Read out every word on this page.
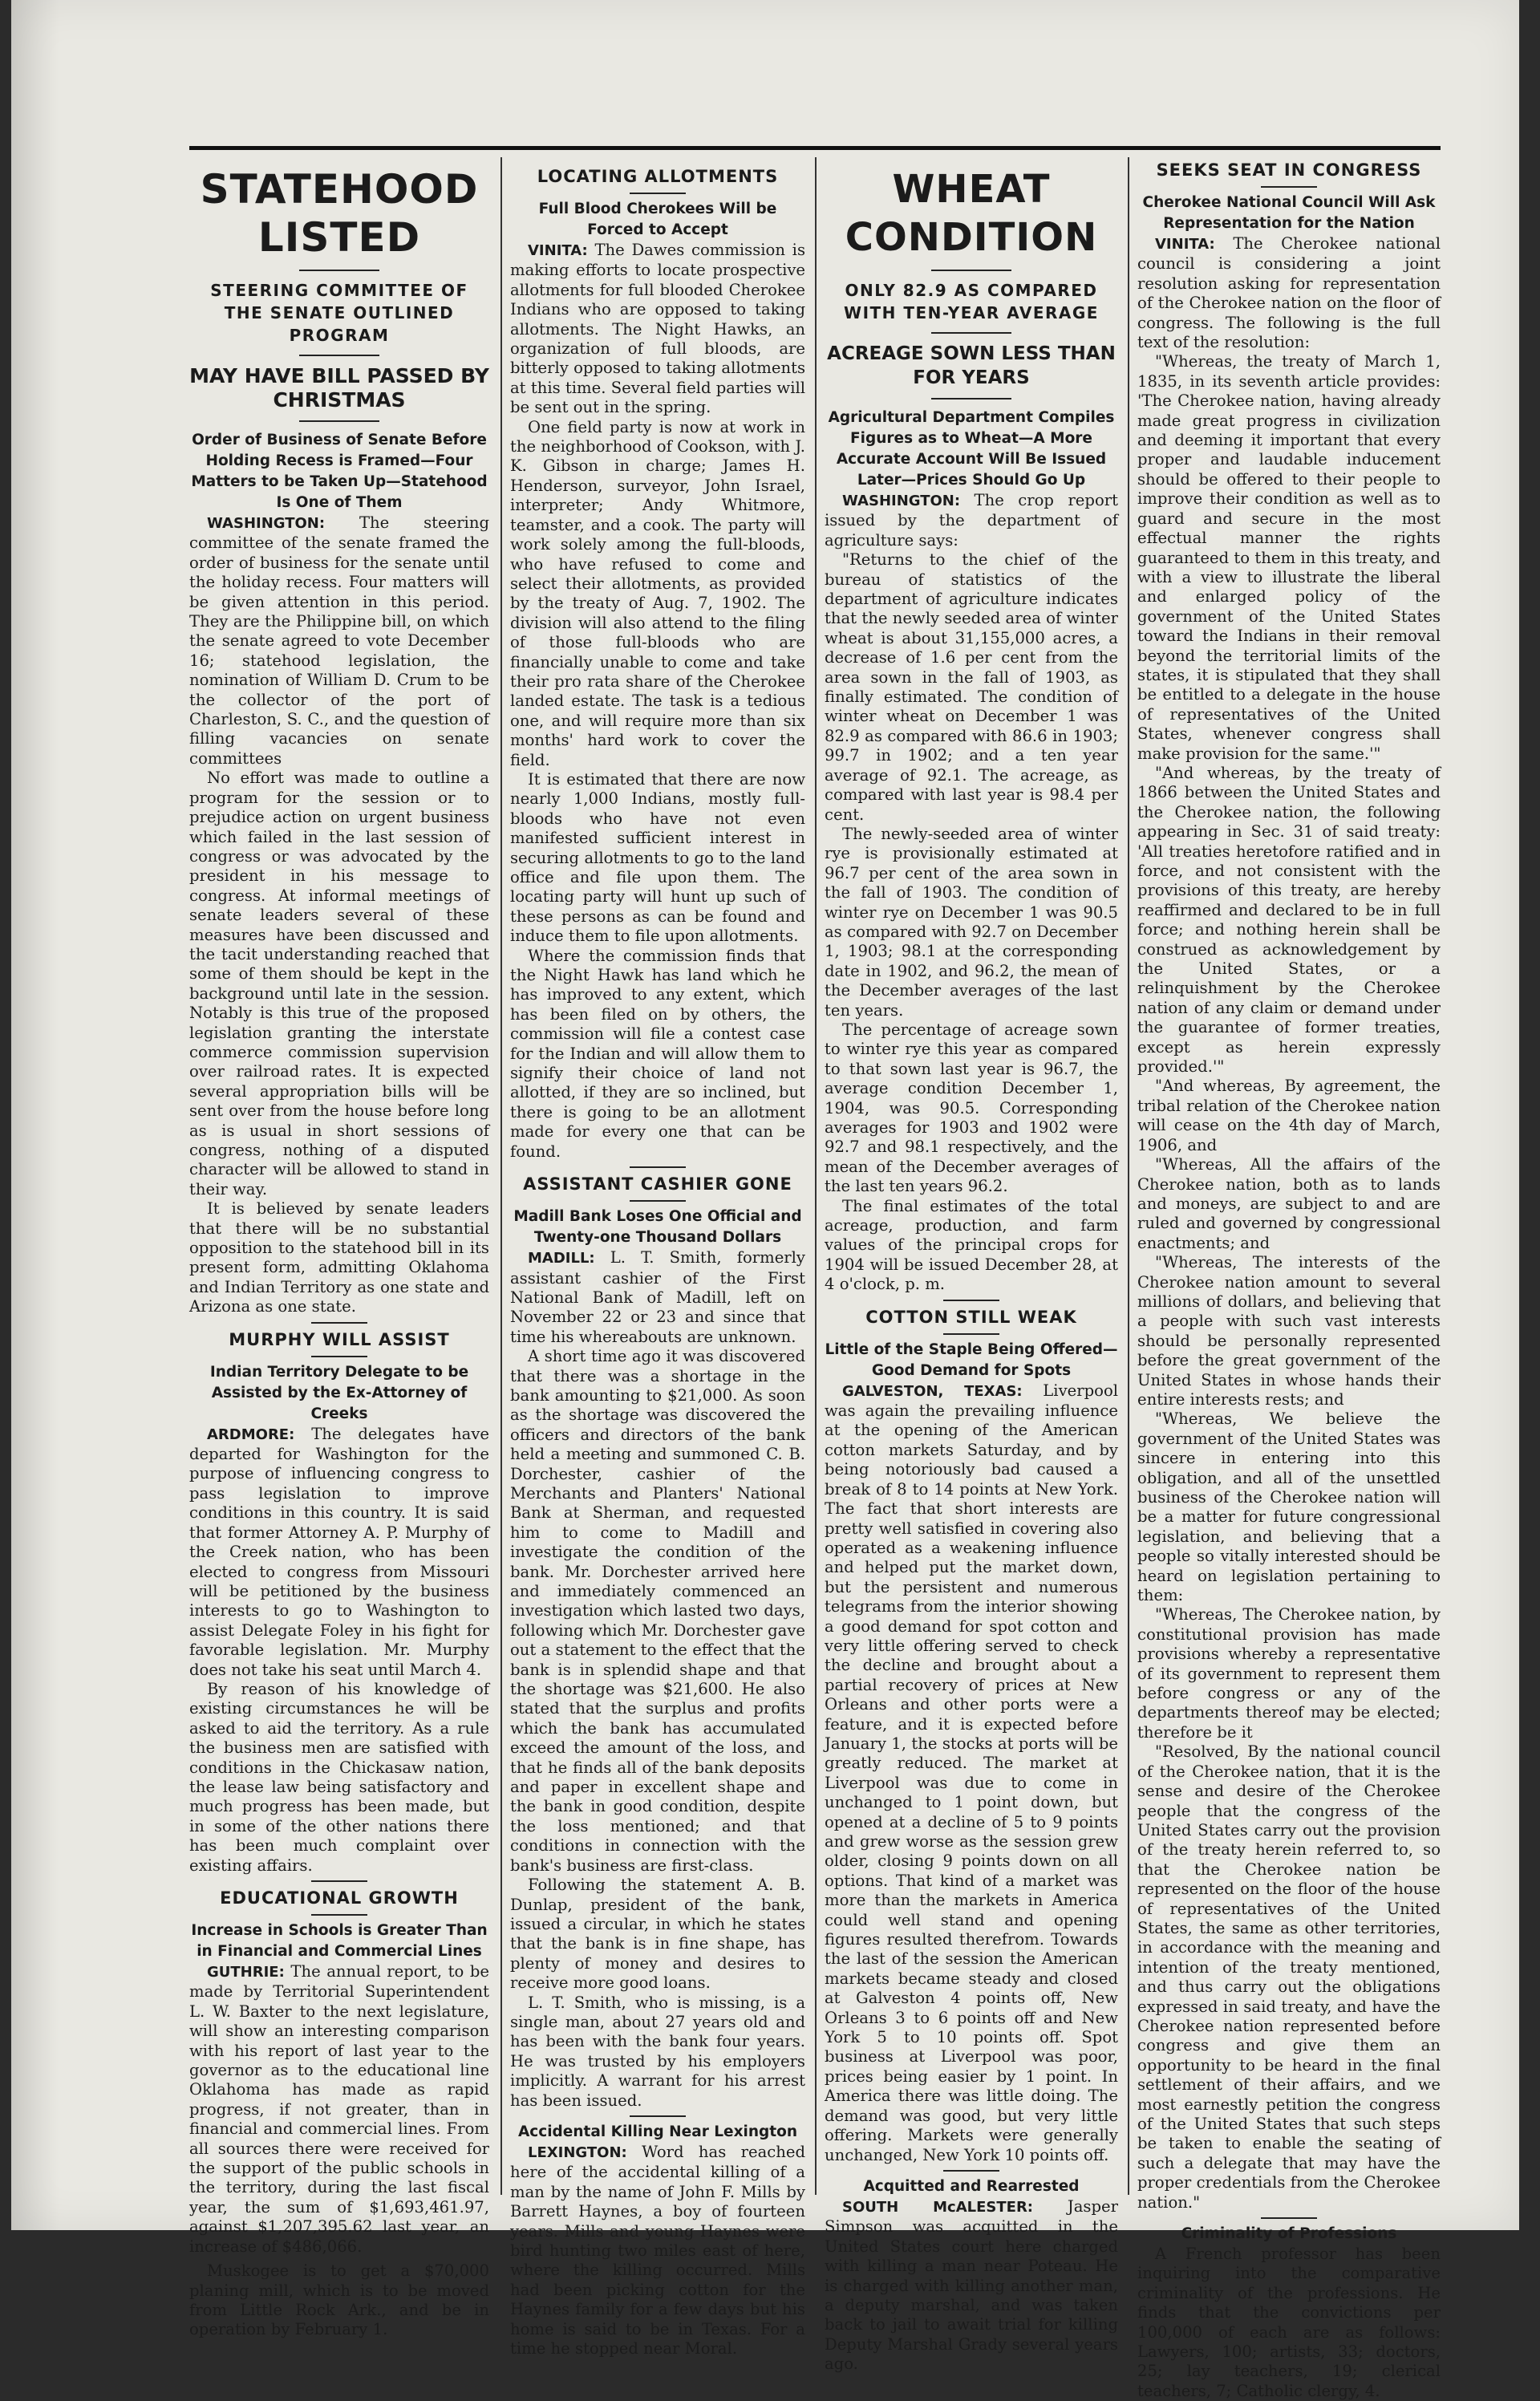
STATEHOOD LISTED
STEERING COMMITTEE OF THE SENATE OUTLINED PROGRAM
MAY HAVE BILL PASSED BY CHRISTMAS
Order of Business of Senate Before Holding Recess is Framed—Four Matters to be Taken Up—Statehood Is One of Them

WASHINGTON: The steering committee of the senate framed the order of business for the senate until the holiday recess. Four matters will be given attention in this period. They are the Philippine bill, on which the senate agreed to vote December 16; statehood legislation, the nomination of William D. Crum to be the collector of the port of Charleston, S. C., and the question of filling vacancies on senate committees

No effort was made to outline a program for the session or to prejudice action on urgent business which failed in the last session of congress or was advocated by the president in his message to congress. At informal meetings of senate leaders several of these measures have been discussed and the tacit understanding reached that some of them should be kept in the background until late in the session. Notably is this true of the proposed legislation granting the interstate commerce commission supervision over railroad rates. It is expected several appropriation bills will be sent over from the house before long as is usual in short sessions of congress, nothing of a disputed character will be allowed to stand in their way.

It is believed by senate leaders that there will be no substantial opposition to the statehood bill in its present form, admitting Oklahoma and Indian Territory as one state and Arizona as one state.

MURPHY WILL ASSIST
Indian Territory Delegate to be Assisted by the Ex-Attorney of Creeks

ARDMORE: The delegates have departed for Washington for the purpose of influencing congress to pass legislation to improve conditions in this country. It is said that former Attorney A. P. Murphy of the Creek nation, who has been elected to congress from Missouri will be petitioned by the business interests to go to Washington to assist Delegate Foley in his fight for favorable legislation. Mr. Murphy does not take his seat until March 4.

By reason of his knowledge of existing circumstances he will be asked to aid the territory. As a rule the business men are satisfied with conditions in the Chickasaw nation, the lease law being satisfactory and much progress has been made, but in some of the other nations there has been much complaint over existing affairs.

EDUCATIONAL GROWTH
Increase in Schools is Greater Than in Financial and Commercial Lines

GUTHRIE: The annual report, to be made by Territorial Superintendent L. W. Baxter to the next legislature, will show an interesting comparison with his report of last year to the governor as to the educational line Oklahoma has made as rapid progress, if not greater, than in financial and commercial lines. From all sources there were received for the support of the public schools in the territory, during the last fiscal year, the sum of $1,693,461.97, against $1,207,395.62 last year, an increase of $486,066.

Muskogee is to get a $70,000 planing mill, which is to be moved from Little Rock Ark., and be in operation by February 1.

LOCATING ALLOTMENTS
Full Blood Cherokees Will be Forced to Accept

VINITA: The Dawes commission is making efforts to locate prospective allotments for full blooded Cherokee Indians who are opposed to taking allotments. The Night Hawks, an organization of full bloods, are bitterly opposed to taking allotments at this time. Several field parties will be sent out in the spring.

One field party is now at work in the neighborhood of Cookson, with J. K. Gibson in charge; James H. Henderson, surveyor, John Israel, interpreter; Andy Whitmore, teamster, and a cook. The party will work solely among the full-bloods, who have refused to come and select their allotments, as provided by the treaty of Aug. 7, 1902. The division will also attend to the filing of those full-bloods who are financially unable to come and take their pro rata share of the Cherokee landed estate. The task is a tedious one, and will require more than six months' hard work to cover the field.

It is estimated that there are now nearly 1,000 Indians, mostly full-bloods who have not even manifested sufficient interest in securing allotments to go to the land office and file upon them. The locating party will hunt up such of these persons as can be found and induce them to file upon allotments.

Where the commission finds that the Night Hawk has land which he has improved to any extent, which has been filed on by others, the commission will file a contest case for the Indian and will allow them to signify their choice of land not allotted, if they are so inclined, but there is going to be an allotment made for every one that can be found.

ASSISTANT CASHIER GONE
Madill Bank Loses One Official and Twenty-one Thousand Dollars

MADILL: L. T. Smith, formerly assistant cashier of the First National Bank of Madill, left on November 22 or 23 and since that time his whereabouts are unknown.

A short time ago it was discovered that there was a shortage in the bank amounting to $21,000. As soon as the shortage was discovered the officers and directors of the bank held a meeting and summoned C. B. Dorchester, cashier of the Merchants and Planters' National Bank at Sherman, and requested him to come to Madill and investigate the condition of the bank. Mr. Dorchester arrived here and immediately commenced an investigation which lasted two days, following which Mr. Dorchester gave out a statement to the effect that the bank is in splendid shape and that the shortage was $21,600. He also stated that the surplus and profits which the bank has accumulated exceed the amount of the loss, and that he finds all of the bank deposits and paper in excellent shape and the bank in good condition, despite the loss mentioned; and that conditions in connection with the bank's business are first-class.

Following the statement A. B. Dunlap, president of the bank, issued a circular, in which he states that the bank is in fine shape, has plenty of money and desires to receive more good loans.

L. T. Smith, who is missing, is a single man, about 27 years old and has been with the bank four years. He was trusted by his employers implicitly. A warrant for his arrest has been issued.

Accidental Killing Near Lexington

LEXINGTON: Word has reached here of the accidental killing of a man by the name of John F. Mills by Barrett Haynes, a boy of fourteen years. Mills and young Haynes were bird hunting two miles east of here, where the killing occurred. Mills had been picking cotton for the Haynes family for a few days but his home is said to be in Texas. For a time he stopped near Moral.

WHEAT CONDITION
ONLY 82.9 AS COMPARED WITH TEN-YEAR AVERAGE
ACREAGE SOWN LESS THAN FOR YEARS
Agricultural Department Compiles Figures as to Wheat—A More Accurate Account Will Be Issued Later—Prices Should Go Up

WASHINGTON: The crop report issued by the department of agriculture says:

"Returns to the chief of the bureau of statistics of the department of agriculture indicates that the newly seeded area of winter wheat is about 31,155,000 acres, a decrease of 1.6 per cent from the area sown in the fall of 1903, as finally estimated. The condition of winter wheat on December 1 was 82.9 as compared with 86.6 in 1903; 99.7 in 1902; and a ten year average of 92.1. The acreage, as compared with last year is 98.4 per cent.

The newly-seeded area of winter rye is provisionally estimated at 96.7 per cent of the area sown in the fall of 1903. The condition of winter rye on December 1 was 90.5 as compared with 92.7 on December 1, 1903; 98.1 at the corresponding date in 1902, and 96.2, the mean of the December averages of the last ten years.

The percentage of acreage sown to winter rye this year as compared to that sown last year is 96.7, the average condition December 1, 1904, was 90.5. Corresponding averages for 1903 and 1902 were 92.7 and 98.1 respectively, and the mean of the December averages of the last ten years 96.2.

The final estimates of the total acreage, production, and farm values of the principal crops for 1904 will be issued December 28, at 4 o'clock, p. m.

COTTON STILL WEAK
Little of the Staple Being Offered—Good Demand for Spots

GALVESTON, TEXAS: Liverpool was again the prevailing influence at the opening of the American cotton markets Saturday, and by being notoriously bad caused a break of 8 to 14 points at New York. The fact that short interests are pretty well satisfied in covering also operated as a weakening influence and helped put the market down, but the persistent and numerous telegrams from the interior showing a good demand for spot cotton and very little offering served to check the decline and brought about a partial recovery of prices at New Orleans and other ports were a feature, and it is expected before January 1, the stocks at ports will be greatly reduced. The market at Liverpool was due to come in unchanged to 1 point down, but opened at a decline of 5 to 9 points and grew worse as the session grew older, closing 9 points down on all options. That kind of a market was more than the markets in America could well stand and opening figures resulted therefrom. Towards the last of the session the American markets became steady and closed at Galveston 4 points off, New Orleans 3 to 6 points off and New York 5 to 10 points off. Spot business at Liverpool was poor, prices being easier by 1 point. In America there was little doing. The demand was good, but very little offering. Markets were generally unchanged, New York 10 points off.

Acquitted and Rearrested

SOUTH McALESTER: Jasper Simpson was acquitted in the United States court here charged with killing a man near Poteau. He is charged with killing another man, a deputy marshal, and was taken back to jail to await trial for killing Deputy Marshal Grady several years ago.

SEEKS SEAT IN CONGRESS
Cherokee National Council Will Ask Representation for the Nation

VINITA: The Cherokee national council is considering a joint resolution asking for representation of the Cherokee nation on the floor of congress. The following is the full text of the resolution:

"Whereas, the treaty of March 1, 1835, in its seventh article provides: 'The Cherokee nation, having already made great progress in civilization and deeming it important that every proper and laudable inducement should be offered to their people to improve their condition as well as to guard and secure in the most effectual manner the rights guaranteed to them in this treaty, and with a view to illustrate the liberal and enlarged policy of the government of the United States toward the Indians in their removal beyond the territorial limits of the states, it is stipulated that they shall be entitled to a delegate in the house of representatives of the United States, whenever congress shall make provision for the same.'"

"And whereas, by the treaty of 1866 between the United States and the Cherokee nation, the following appearing in Sec. 31 of said treaty: 'All treaties heretofore ratified and in force, and not consistent with the provisions of this treaty, are hereby reaffirmed and declared to be in full force; and nothing herein shall be construed as acknowledgement by the United States, or a relinquishment by the Cherokee nation of any claim or demand under the guarantee of former treaties, except as herein expressly provided.'"

"And whereas, By agreement, the tribal relation of the Cherokee nation will cease on the 4th day of March, 1906, and

"Whereas, All the affairs of the Cherokee nation, both as to lands and moneys, are subject to and are ruled and governed by congressional enactments; and

"Whereas, The interests of the Cherokee nation amount to several millions of dollars, and believing that a people with such vast interests should be personally represented before the great government of the United States in whose hands their entire interests rests; and

"Whereas, We believe the government of the United States was sincere in entering into this obligation, and all of the unsettled business of the Cherokee nation will be a matter for future congressional legislation, and believing that a people so vitally interested should be heard on legislation pertaining to them:

"Whereas, The Cherokee nation, by constitutional provision has made provisions whereby a representative of its government to represent them before congress or any of the departments thereof may be elected; therefore be it

"Resolved, By the national council of the Cherokee nation, that it is the sense and desire of the Cherokee people that the congress of the United States carry out the provision of the treaty herein referred to, so that the Cherokee nation be represented on the floor of the house of representatives of the United States, the same as other territories, in accordance with the meaning and intention of the treaty mentioned, and thus carry out the obligations expressed in said treaty, and have the Cherokee nation represented before congress and give them an opportunity to be heard in the final settlement of their affairs, and we most earnestly petition the congress of the United States that such steps be taken to enable the seating of such a delegate that may have the proper credentials from the Cherokee nation."

Criminality of Professions

A French professor has been inquiring into the comparative criminality of the professions. He finds that the convictions per 100,000 of each are as follows: Lawyers, 100; artists, 33; doctors, 25; lay teachers, 19; clerical teachers, 7; Catholic clergy, 4.
